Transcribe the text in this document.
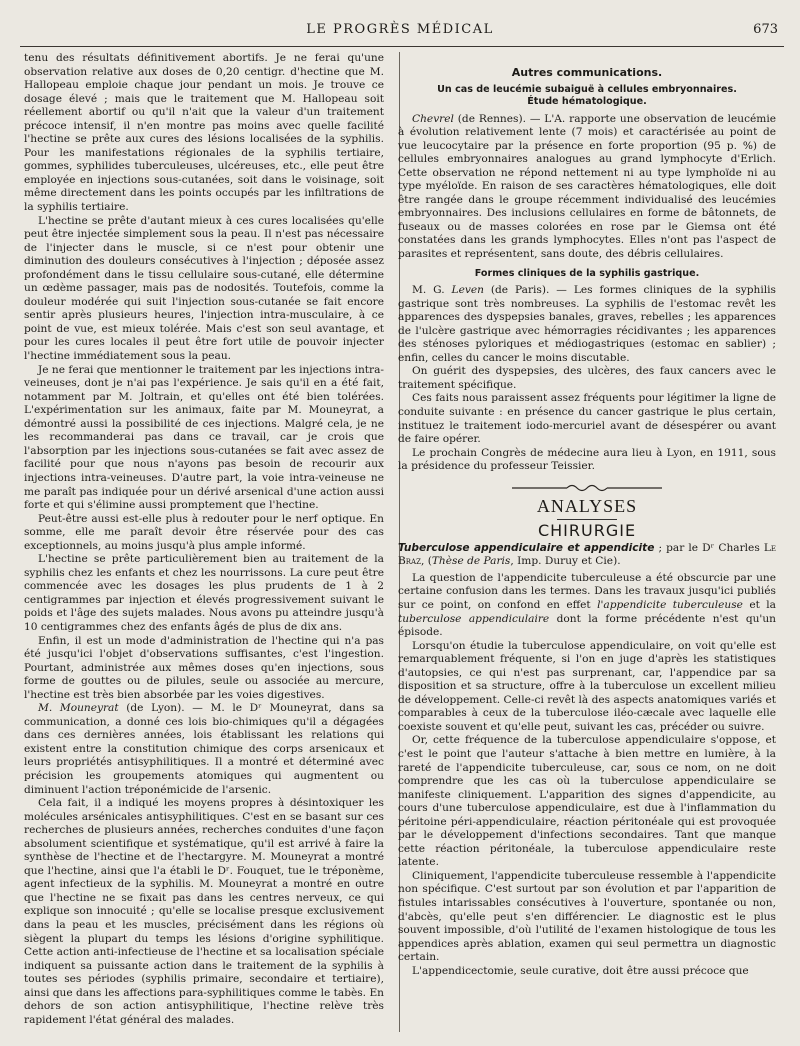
LE PROGRÈS MÉDICAL	673

tenu des résultats définitivement abortifs. Je ne ferai qu'une observation relative aux doses de 0,20 centigr. d'hectine que M. Hallopeau emploie chaque jour pendant un mois. Je trouve ce dosage élevé ; mais que le traitement que M. Hallopeau soit réellement abortif ou qu'il n'ait que la valeur d'un traitement précoce intensif, il n'en montre pas moins avec quelle facilité l'hectine se prête aux cures des lésions localisées de la syphilis. Pour les manifestations régionales de la syphilis tertiaire, gommes, syphilides tuberculeuses, ulcéreuses, etc., elle peut être employée en injections sous-cutanées, soit dans le voisinage, soit même directement dans les points occupés par les infiltrations de la syphilis tertiaire.

L'hectine se prête d'autant mieux à ces cures localisées qu'elle peut être injectée simplement sous la peau. Il n'est pas nécessaire de l'injecter dans le muscle, si ce n'est pour obtenir une diminution des douleurs consécutives à l'injection ; déposée assez profondément dans le tissu cellulaire sous-cutané, elle détermine un œdème passager, mais pas de nodosités. Toutefois, comme la douleur modérée qui suit l'injection sous-cutanée se fait encore sentir après plusieurs heures, l'injection intra-musculaire, à ce point de vue, est mieux tolérée. Mais c'est son seul avantage, et pour les cures locales il peut être fort utile de pouvoir injecter l'hectine immédiatement sous la peau.

Je ne ferai que mentionner le traitement par les injections intra-veineuses, dont je n'ai pas l'expérience. Je sais qu'il en a été fait, notamment par M. Joltrain, et qu'elles ont été bien tolérées. L'expérimentation sur les animaux, faite par M. Mouneyrat, a démontré aussi la possibilité de ces injections. Malgré cela, je ne les recommanderai pas dans ce travail, car je crois que l'absorption par les injections sous-cutanées se fait avec assez de facilité pour que nous n'ayons pas besoin de recourir aux injections intra-veineuses. D'autre part, la voie intra-veineuse ne me paraît pas indiquée pour un dérivé arsenical d'une action aussi forte et qui s'élimine aussi promptement que l'hectine.

Peut-être aussi est-elle plus à redouter pour le nerf optique. En somme, elle me paraît devoir être réservée pour des cas exceptionnels, au moins jusqu'à plus ample informé.

L'hectine se prête particulièrement bien au traitement de la syphilis chez les enfants et chez les nourrissons. La cure peut être commencée avec les dosages les plus prudents de 1 à 2 centigrammes par injection et élevés progressivement suivant le poids et l'âge des sujets malades. Nous avons pu atteindre jusqu'à 10 centigrammes chez des enfants âgés de plus de dix ans.

Enfin, il est un mode d'administration de l'hectine qui n'a pas été jusqu'ici l'objet d'observations suffisantes, c'est l'ingestion. Pourtant, administrée aux mêmes doses qu'en injections, sous forme de gouttes ou de pilules, seule ou associée au mercure, l'hectine est très bien absorbée par les voies digestives.

M. Mouneyrat (de Lyon). — M. le Dʳ Mouneyrat, dans sa communication, a donné ces lois bio-chimiques qu'il a dégagées dans ces dernières années, lois établissant les relations qui existent entre la constitution chimique des corps arsenicaux et leurs propriétés antisyphilitiques. Il a montré et déterminé avec précision les groupements atomiques qui augmentent ou diminuent l'action tréponémicide de l'arsenic.

Cela fait, il a indiqué les moyens propres à désintoxiquer les molécules arsénicales antisyphilitiques. C'est en se basant sur ces recherches de plusieurs années, recherches conduites d'une façon absolument scientifique et systématique, qu'il est arrivé à faire la synthèse de l'hectine et de l'hectargyre. M. Mouneyrat a montré que l'hectine, ainsi que l'a établi le Dʳ. Fouquet, tue le tréponème, agent infectieux de la syphilis. M. Mouneyrat a montré en outre que l'hectine ne se fixait pas dans les centres nerveux, ce qui explique son innocuité ; qu'elle se localise presque exclusivement dans la peau et les muscles, précisément dans les régions où siègent la plupart du temps les lésions d'origine syphilitique. Cette action anti-infectieuse de l'hectine et sa localisation spéciale indiquent sa puissante action dans le traitement de la syphilis à toutes ses périodes (syphilis primaire, secondaire et tertiaire), ainsi que dans les affections para-syphilitiques comme le tabès. En dehors de son action antisyphilitique, l'hectine relève très rapidement l'état général des malades.

Autres communications.
Un cas de leucémie subaiguë à cellules embryonnaires.
Étude hématologique.

Chevrel (de Rennes). — L'A. rapporte une observation de leucémie à évolution relativement lente (7 mois) et caractérisée au point de vue leucocytaire par la présence en forte proportion (95 p. %) de cellules embryonnaires analogues au grand lymphocyte d'Erlich. Cette observation ne répond nettement ni au type lymphoïde ni au type myéloïde. En raison de ses caractères hématologiques, elle doit être rangée dans le groupe récemment individualisé des leucémies embryonnaires. Des inclusions cellulaires en forme de bâtonnets, de fuseaux ou de masses colorées en rose par le Giemsa ont été constatées dans les grands lymphocytes. Elles n'ont pas l'aspect de parasites et représentent, sans doute, des débris cellulaires.

Formes cliniques de la syphilis gastrique.

M. G. Leven (de Paris). — Les formes cliniques de la syphilis gastrique sont très nombreuses. La syphilis de l'estomac revêt les apparences des dyspepsies banales, graves, rebelles ; les apparences de l'ulcère gastrique avec hémorragies récidivantes ; les apparences des sténoses pyloriques et médiogastriques (estomac en sablier) ; enfin, celles du cancer le moins discutable.

On guérit des dyspepsies, des ulcères, des faux cancers avec le traitement spécifique.

Ces faits nous paraissent assez fréquents pour légitimer la ligne de conduite suivante : en présence du cancer gastrique le plus certain, instituez le traitement iodo-mercuriel avant de désespérer ou avant de faire opérer.

Le prochain Congrès de médecine aura lieu à Lyon, en 1911, sous la présidence du professeur Teissier.

ANALYSES
CHIRURGIE

Tuberculose appendiculaire et appendicite ; par le Dʳ Charles Le Braz, (Thèse de Paris, Imp. Duruy et Cie).

La question de l'appendicite tuberculeuse a été obscurcie par une certaine confusion dans les termes. Dans les travaux jusqu'ici publiés sur ce point, on confond en effet l'appendicite tuberculeuse et la tuberculose appendiculaire dont la forme précédente n'est qu'un épisode.

Lorsqu'on étudie la tuberculose appendiculaire, on voit qu'elle est remarquablement fréquente, si l'on en juge d'après les statistiques d'autopsies, ce qui n'est pas surprenant, car, l'appendice par sa disposition et sa structure, offre à la tuberculose un excellent milieu de développement. Celle-ci revêt là des aspects anatomiques variés et comparables à ceux de la tuberculose iléo-cæcale avec laquelle elle coexiste souvent et qu'elle peut, suivant les cas, précéder ou suivre.

Or, cette fréquence de la tuberculose appendiculaire s'oppose, et c'est le point que l'auteur s'attache à bien mettre en lumière, à la rareté de l'appendicite tuberculeuse, car, sous ce nom, on ne doit comprendre que les cas où la tuberculose appendiculaire se manifeste cliniquement. L'apparition des signes d'appendicite, au cours d'une tuberculose appendiculaire, est due à l'inflammation du péritoine péri-appendiculaire, réaction péritonéale qui est provoquée par le développement d'infections secondaires. Tant que manque cette réaction péritonéale, la tuberculose appendiculaire reste latente.

Cliniquement, l'appendicite tuberculeuse ressemble à l'appendicite non spécifique. C'est surtout par son évolution et par l'apparition de fistules intarissables consécutives à l'ouverture, spontanée ou non, d'abcès, qu'elle peut s'en différencier. Le diagnostic est le plus souvent impossible, d'où l'utilité de l'examen histologique de tous les appendices après ablation, examen qui seul permettra un diagnostic certain.

L'appendicectomie, seule curative, doit être aussi précoce que
